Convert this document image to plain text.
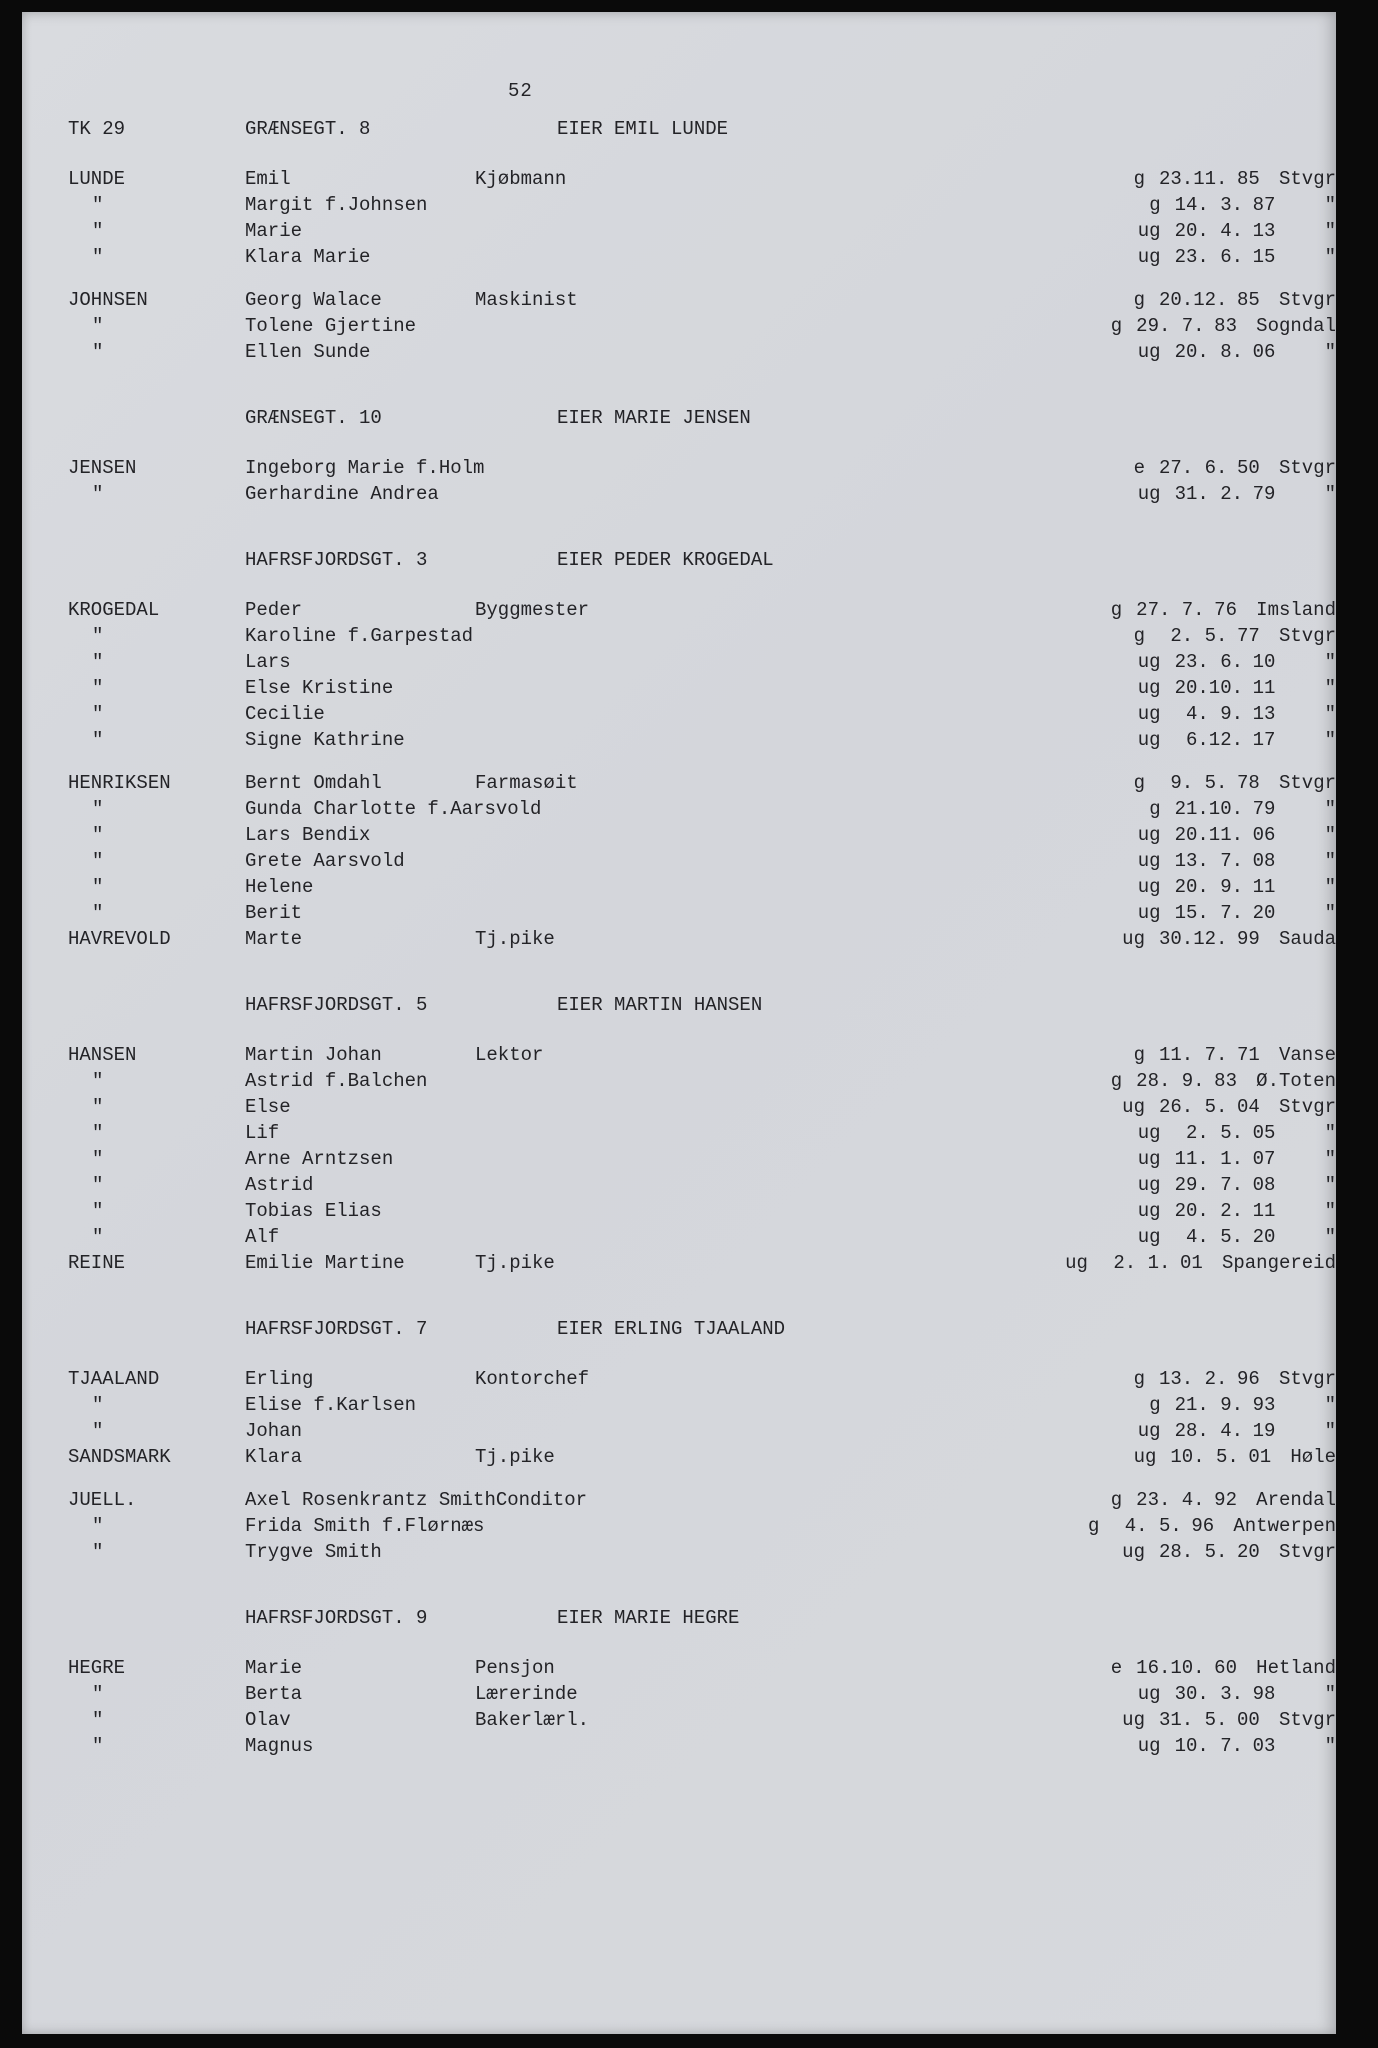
52
TK 29	GRÆNSEGT. 8	EIER EMIL LUNDE
LUNDE	Emil	Kjøbmann	g 23.11. 85	Stvgr
"	Margit f.Johnsen	g 14. 3. 87	"
"	Marie	ug 20. 4. 13	"
"	Klara Marie	ug 23. 6. 15	"
JOHNSEN	Georg Walace	Maskinist	g 20.12. 85	Stvgr
"	Tolene Gjertine	g 29. 7. 83	Sogndal
"	Ellen Sunde	ug 20. 8. 06	"
GRÆNSEGT. 10	EIER MARIE JENSEN
JENSEN	Ingeborg Marie f.Holm	e 27. 6. 50	Stvgr
"	Gerhardine Andrea	ug 31. 2. 79	"
HAFRSFJORDSGT. 3	EIER PEDER KROGEDAL
KROGEDAL	Peder	Byggmester	g 27. 7. 76	Imsland
"	Karoline f.Garpestad	g 2. 5. 77	Stvgr
"	Lars	ug 23. 6. 10	"
"	Else Kristine	ug 20.10. 11	"
"	Cecilie	ug 4. 9. 13	"
"	Signe Kathrine	ug 6.12. 17	"
HENRIKSEN	Bernt Omdahl	Farmasøit	g 9. 5. 78	Stvgr
"	Gunda Charlotte f.Aarsvold	g 21.10. 79	"
"	Lars Bendix	ug 20.11. 06	"
"	Grete Aarsvold	ug 13. 7. 08	"
"	Helene	ug 20. 9. 11	"
"	Berit	ug 15. 7. 20	"
HAVREVOLD	Marte	Tj.pike	ug 30.12. 99	Sauda
HAFRSFJORDSGT. 5	EIER MARTIN HANSEN
HANSEN	Martin Johan	Lektor	g 11. 7. 71	Vanse
"	Astrid f.Balchen	g 28. 9. 83	Ø.Toten
"	Else	ug 26. 5. 04	Stvgr
"	Lif	ug 2. 5. 05	"
"	Arne Arntzsen	ug 11. 1. 07	"
"	Astrid	ug 29. 7. 08	"
"	Tobias Elias	ug 20. 2. 11	"
"	Alf	ug 4. 5. 20	"
REINE	Emilie Martine	Tj.pike	ug 2. 1. 01	Spangereid
HAFRSFJORDSGT. 7	EIER ERLING TJAALAND
TJAALAND	Erling	Kontorchef	g 13. 2. 96	Stvgr
"	Elise f.Karlsen	g 21. 9. 93	"
"	Johan	ug 28. 4. 19	"
SANDSMARK	Klara	Tj.pike	ug 10. 5. 01	Høle
JUELL.	Axel Rosenkrantz Smith Conditor	g 23. 4. 92	Arendal
"	Frida Smith f.Flørnæs	g 4. 5. 96	Antwerpen
"	Trygve Smith	ug 28. 5. 20	Stvgr
HAFRSFJORDSGT. 9	EIER MARIE HEGRE
HEGRE	Marie	Pensjon	e 16.10. 60	Hetland
"	Berta	Lærerinde	ug 30. 3. 98	"
"	Olav	Bakerlærl.	ug 31. 5. 00	Stvgr
"	Magnus	ug 10. 7. 03	"
